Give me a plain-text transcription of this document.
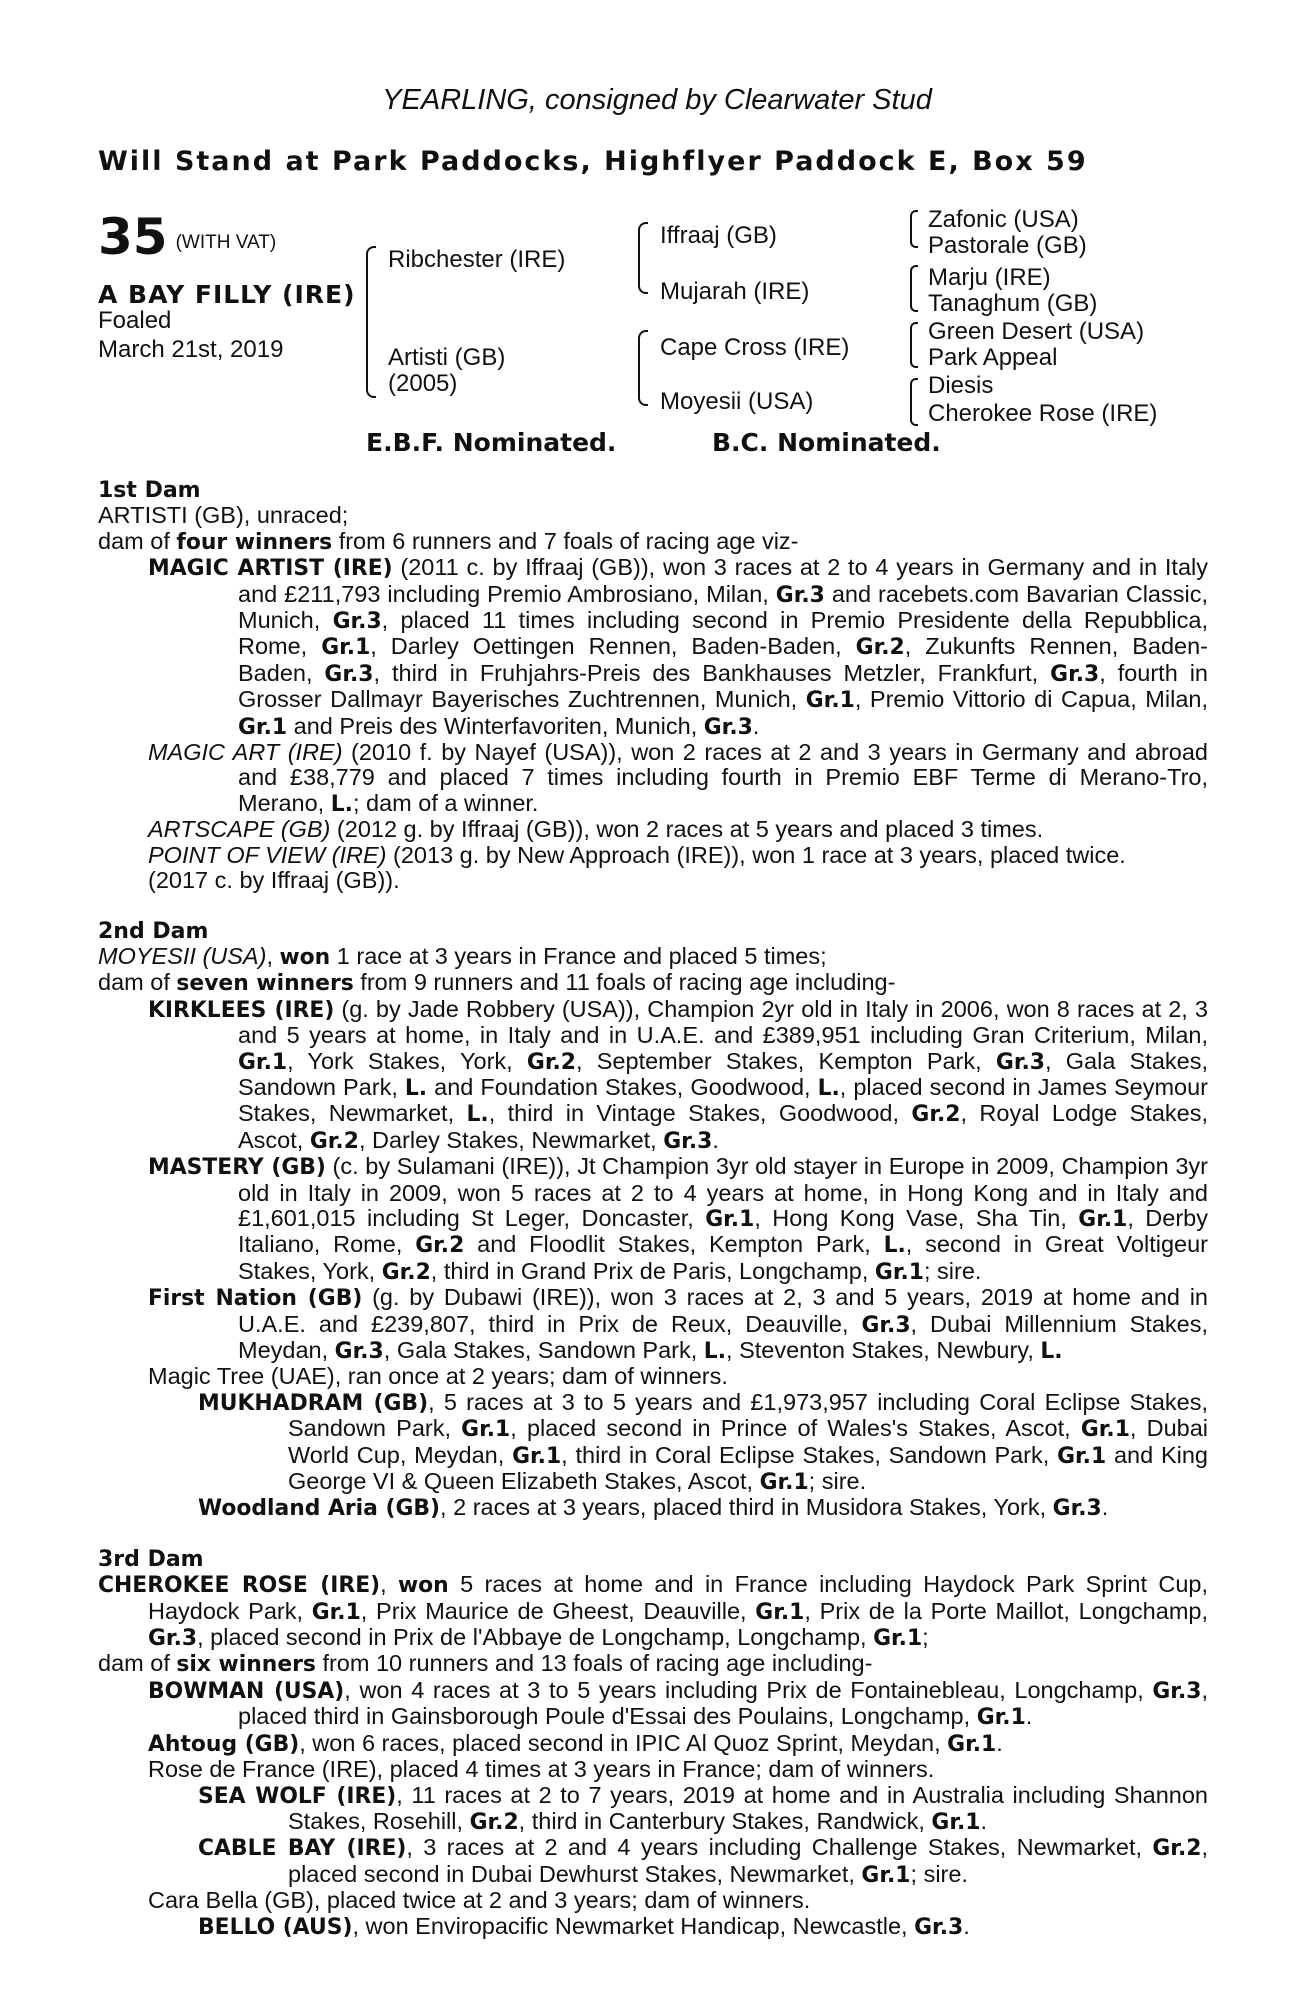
YEARLING, consigned by Clearwater Stud
Will Stand at Park Paddocks, Highflyer Paddock E, Box 59
35 (WITH VAT)
A BAY FILLY (IRE)
Foaled
March 21st, 2019
Ribchester (IRE)
Artisti (GB)
(2005)
Iffraaj (GB)
Mujarah (IRE)
Cape Cross (IRE)
Moyesii (USA)
Zafonic (USA)
Pastorale (GB)
Marju (IRE)
Tanaghum (GB)
Green Desert (USA)
Park Appeal
Diesis
Cherokee Rose (IRE)
E.B.F. Nominated.	B.C. Nominated.
1st Dam
ARTISTI (GB), unraced;
dam of four winners from 6 runners and 7 foals of racing age viz-
MAGIC ARTIST (IRE) (2011 c. by Iffraaj (GB)), won 3 races at 2 to 4 years in Germany and in Italy and £211,793 including Premio Ambrosiano, Milan, Gr.3 and racebets.com Bavarian Classic, Munich, Gr.3, placed 11 times including second in Premio Presidente della Repubblica, Rome, Gr.1, Darley Oettingen Rennen, Baden-Baden, Gr.2, Zukunfts Rennen, Baden-Baden, Gr.3, third in Fruhjahrs-Preis des Bankhauses Metzler, Frankfurt, Gr.3, fourth in Grosser Dallmayr Bayerisches Zuchtrennen, Munich, Gr.1, Premio Vittorio di Capua, Milan, Gr.1 and Preis des Winterfavoriten, Munich, Gr.3.
MAGIC ART (IRE) (2010 f. by Nayef (USA)), won 2 races at 2 and 3 years in Germany and abroad and £38,779 and placed 7 times including fourth in Premio EBF Terme di Merano-Tro, Merano, L.; dam of a winner.
ARTSCAPE (GB) (2012 g. by Iffraaj (GB)), won 2 races at 5 years and placed 3 times.
POINT OF VIEW (IRE) (2013 g. by New Approach (IRE)), won 1 race at 3 years, placed twice.
(2017 c. by Iffraaj (GB)).
2nd Dam
MOYESII (USA), won 1 race at 3 years in France and placed 5 times;
dam of seven winners from 9 runners and 11 foals of racing age including-
KIRKLEES (IRE) (g. by Jade Robbery (USA)), Champion 2yr old in Italy in 2006, won 8 races at 2, 3 and 5 years at home, in Italy and in U.A.E. and £389,951 including Gran Criterium, Milan, Gr.1, York Stakes, York, Gr.2, September Stakes, Kempton Park, Gr.3, Gala Stakes, Sandown Park, L. and Foundation Stakes, Goodwood, L., placed second in James Seymour Stakes, Newmarket, L., third in Vintage Stakes, Goodwood, Gr.2, Royal Lodge Stakes, Ascot, Gr.2, Darley Stakes, Newmarket, Gr.3.
MASTERY (GB) (c. by Sulamani (IRE)), Jt Champion 3yr old stayer in Europe in 2009, Champion 3yr old in Italy in 2009, won 5 races at 2 to 4 years at home, in Hong Kong and in Italy and £1,601,015 including St Leger, Doncaster, Gr.1, Hong Kong Vase, Sha Tin, Gr.1, Derby Italiano, Rome, Gr.2 and Floodlit Stakes, Kempton Park, L., second in Great Voltigeur Stakes, York, Gr.2, third in Grand Prix de Paris, Longchamp, Gr.1; sire.
First Nation (GB) (g. by Dubawi (IRE)), won 3 races at 2, 3 and 5 years, 2019 at home and in U.A.E. and £239,807, third in Prix de Reux, Deauville, Gr.3, Dubai Millennium Stakes, Meydan, Gr.3, Gala Stakes, Sandown Park, L., Steventon Stakes, Newbury, L.
Magic Tree (UAE), ran once at 2 years; dam of winners.
MUKHADRAM (GB), 5 races at 3 to 5 years and £1,973,957 including Coral Eclipse Stakes, Sandown Park, Gr.1, placed second in Prince of Wales's Stakes, Ascot, Gr.1, Dubai World Cup, Meydan, Gr.1, third in Coral Eclipse Stakes, Sandown Park, Gr.1 and King George VI & Queen Elizabeth Stakes, Ascot, Gr.1; sire.
Woodland Aria (GB), 2 races at 3 years, placed third in Musidora Stakes, York, Gr.3.
3rd Dam
CHEROKEE ROSE (IRE), won 5 races at home and in France including Haydock Park Sprint Cup, Haydock Park, Gr.1, Prix Maurice de Gheest, Deauville, Gr.1, Prix de la Porte Maillot, Longchamp, Gr.3, placed second in Prix de l'Abbaye de Longchamp, Longchamp, Gr.1;
dam of six winners from 10 runners and 13 foals of racing age including-
BOWMAN (USA), won 4 races at 3 to 5 years including Prix de Fontainebleau, Longchamp, Gr.3, placed third in Gainsborough Poule d'Essai des Poulains, Longchamp, Gr.1.
Ahtoug (GB), won 6 races, placed second in IPIC Al Quoz Sprint, Meydan, Gr.1.
Rose de France (IRE), placed 4 times at 3 years in France; dam of winners.
SEA WOLF (IRE), 11 races at 2 to 7 years, 2019 at home and in Australia including Shannon Stakes, Rosehill, Gr.2, third in Canterbury Stakes, Randwick, Gr.1.
CABLE BAY (IRE), 3 races at 2 and 4 years including Challenge Stakes, Newmarket, Gr.2, placed second in Dubai Dewhurst Stakes, Newmarket, Gr.1; sire.
Cara Bella (GB), placed twice at 2 and 3 years; dam of winners.
BELLO (AUS), won Enviropacific Newmarket Handicap, Newcastle, Gr.3.
